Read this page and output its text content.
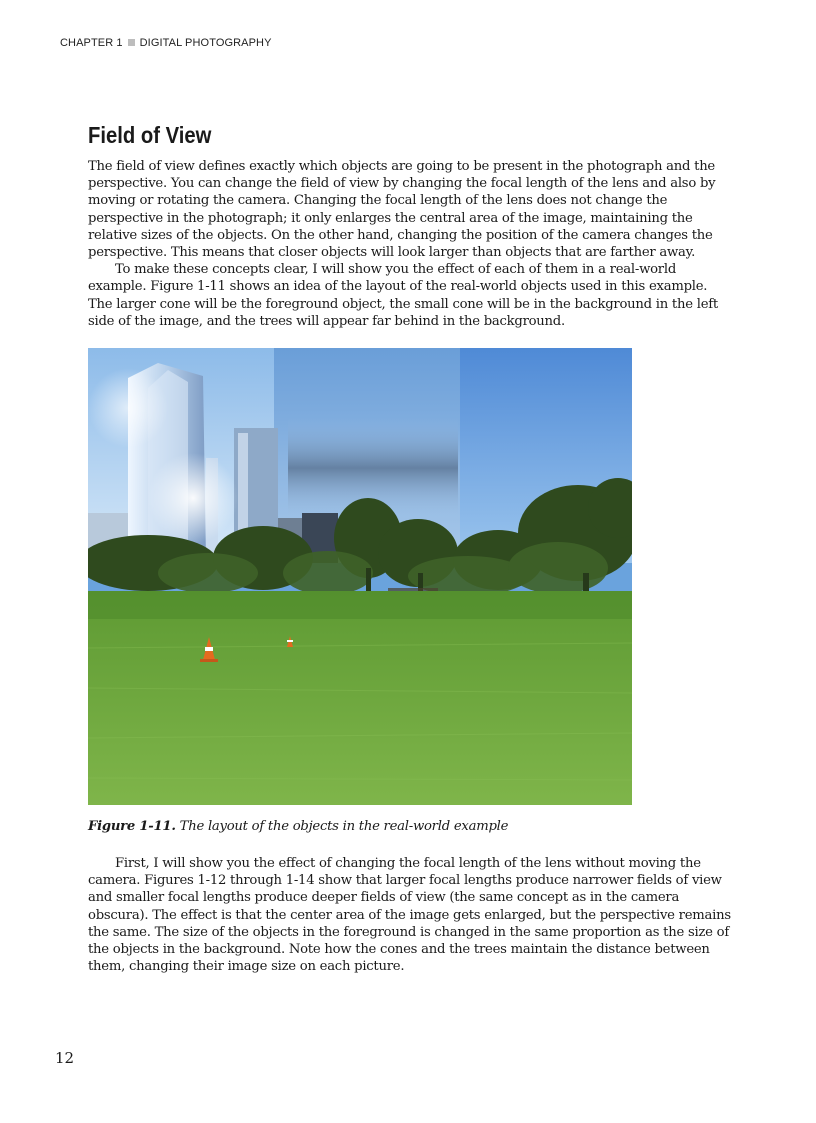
CHAPTER 1 DIGITAL PHOTOGRAPHY
Field of View

The field of view defines exactly which objects are going to be present in the photograph and the perspective. You can change the field of view by changing the focal length of the lens and also by moving or rotating the camera. Changing the focal length of the lens does not change the perspective in the photograph; it only enlarges the central area of the image, maintaining the relative sizes of the objects. On the other hand, changing the position of the camera changes the perspective. This means that closer objects will look larger than objects that are farther away.

To make these concepts clear, I will show you the effect of each of them in a real-world example. Figure 1-11 shows an idea of the layout of the real-world objects used in this example. The larger cone will be the foreground object, the small cone will be in the background in the left side of the image, and the trees will appear far behind in the background.

Figure 1-11. The layout of the objects in the real-world example

First, I will show you the effect of changing the focal length of the lens without moving the camera. Figures 1-12 through 1-14 show that larger focal lengths produce narrower fields of view and smaller focal lengths produce deeper fields of view (the same concept as in the camera obscura). The effect is that the center area of the image gets enlarged, but the perspective remains the same. The size of the objects in the foreground is changed in the same proportion as the size of the objects in the background. Note how the cones and the trees maintain the distance between them, changing their image size on each picture.

12
